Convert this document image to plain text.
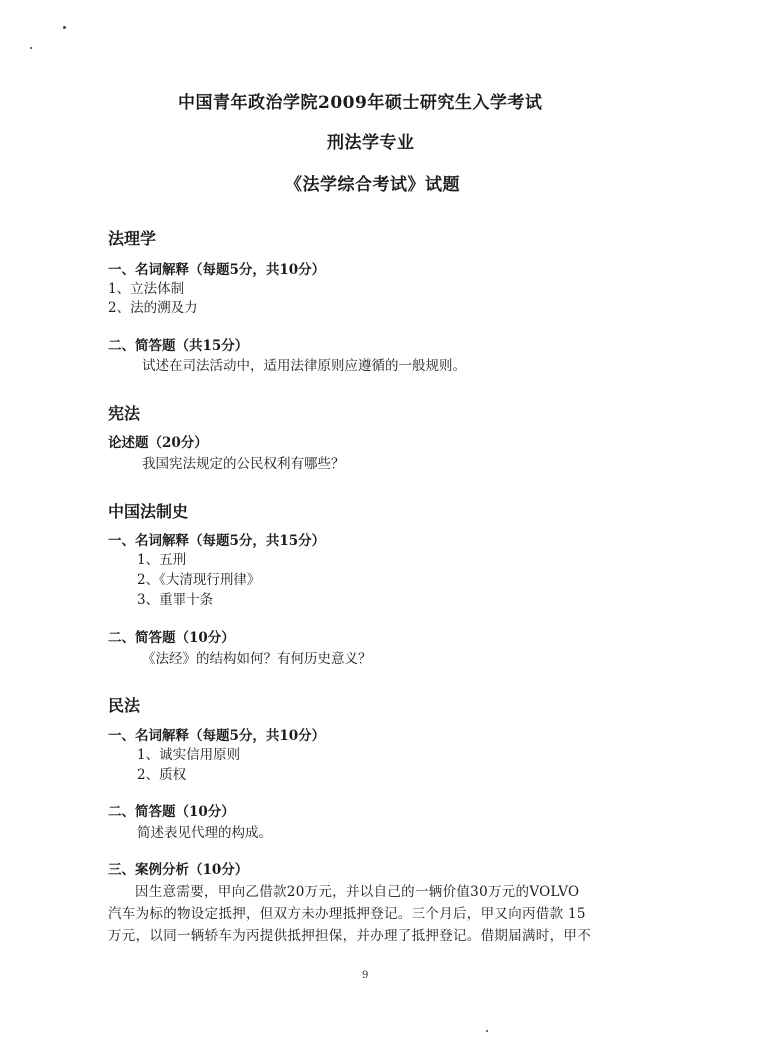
中国青年政治学院2009年硕士研究生入学考试
刑法学专业
《法学综合考试》试题
法理学
一、名词解释（每题5分，共10分）
1、立法体制
2、法的溯及力
二、简答题（共15分）
试述在司法活动中，适用法律原则应遵循的一般规则。
宪法
论述题（20分）
我国宪法规定的公民权利有哪些？
中国法制史
一、名词解释（每题5分，共15分）
1、五刑
2、《大清现行刑律》
3、重罪十条
二、简答题（10分）
《法经》的结构如何？有何历史意义？
民法
一、名词解释（每题5分，共10分）
1、诚实信用原则
2、质权
二、简答题（10分）
简述表见代理的构成。
三、案例分析（10分）
因生意需要，甲向乙借款20万元，并以自己的一辆价值30万元的VOLVO
汽车为标的物设定抵押，但双方未办理抵押登记。三个月后，甲又向丙借款 15
万元，以同一辆轿车为丙提供抵押担保，并办理了抵押登记。借期届满时，甲不
9
